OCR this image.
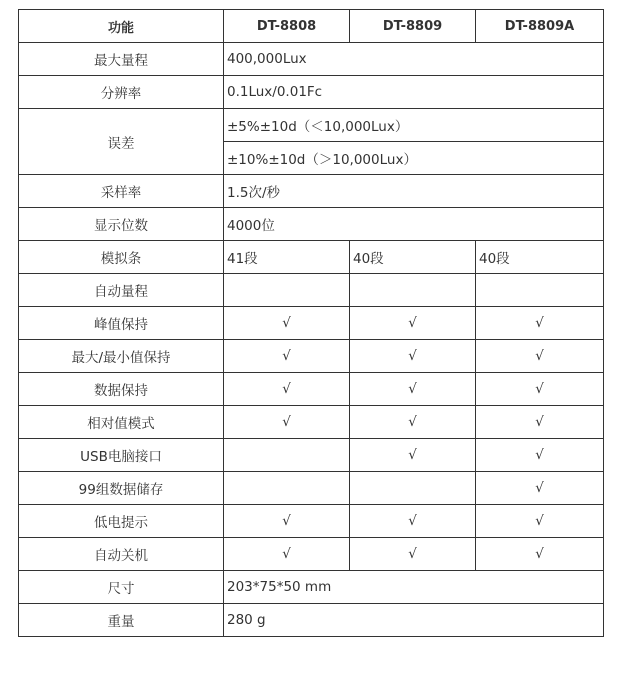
功能	DT-8808	DT-8809	DT-8809A
最大量程	400,000Lux		
分辨率	0.1Lux/0.01Fc		
误差	±5%±10d（＜10,000Lux）		
	±10%±10d（＞10,000Lux）		
采样率	1.5次/秒		
显示位数	4000位		
模拟条	41段	40段	40段
自动量程			
峰值保持	√	√	√
最大/最小值保持	√	√	√
数据保持	√	√	√
相对值模式	√	√	√
USB电脑接口		√	√
99组数据储存			√
低电提示	√	√	√
自动关机	√	√	√
尺寸	203*75*50 mm		
重量	280 g		
